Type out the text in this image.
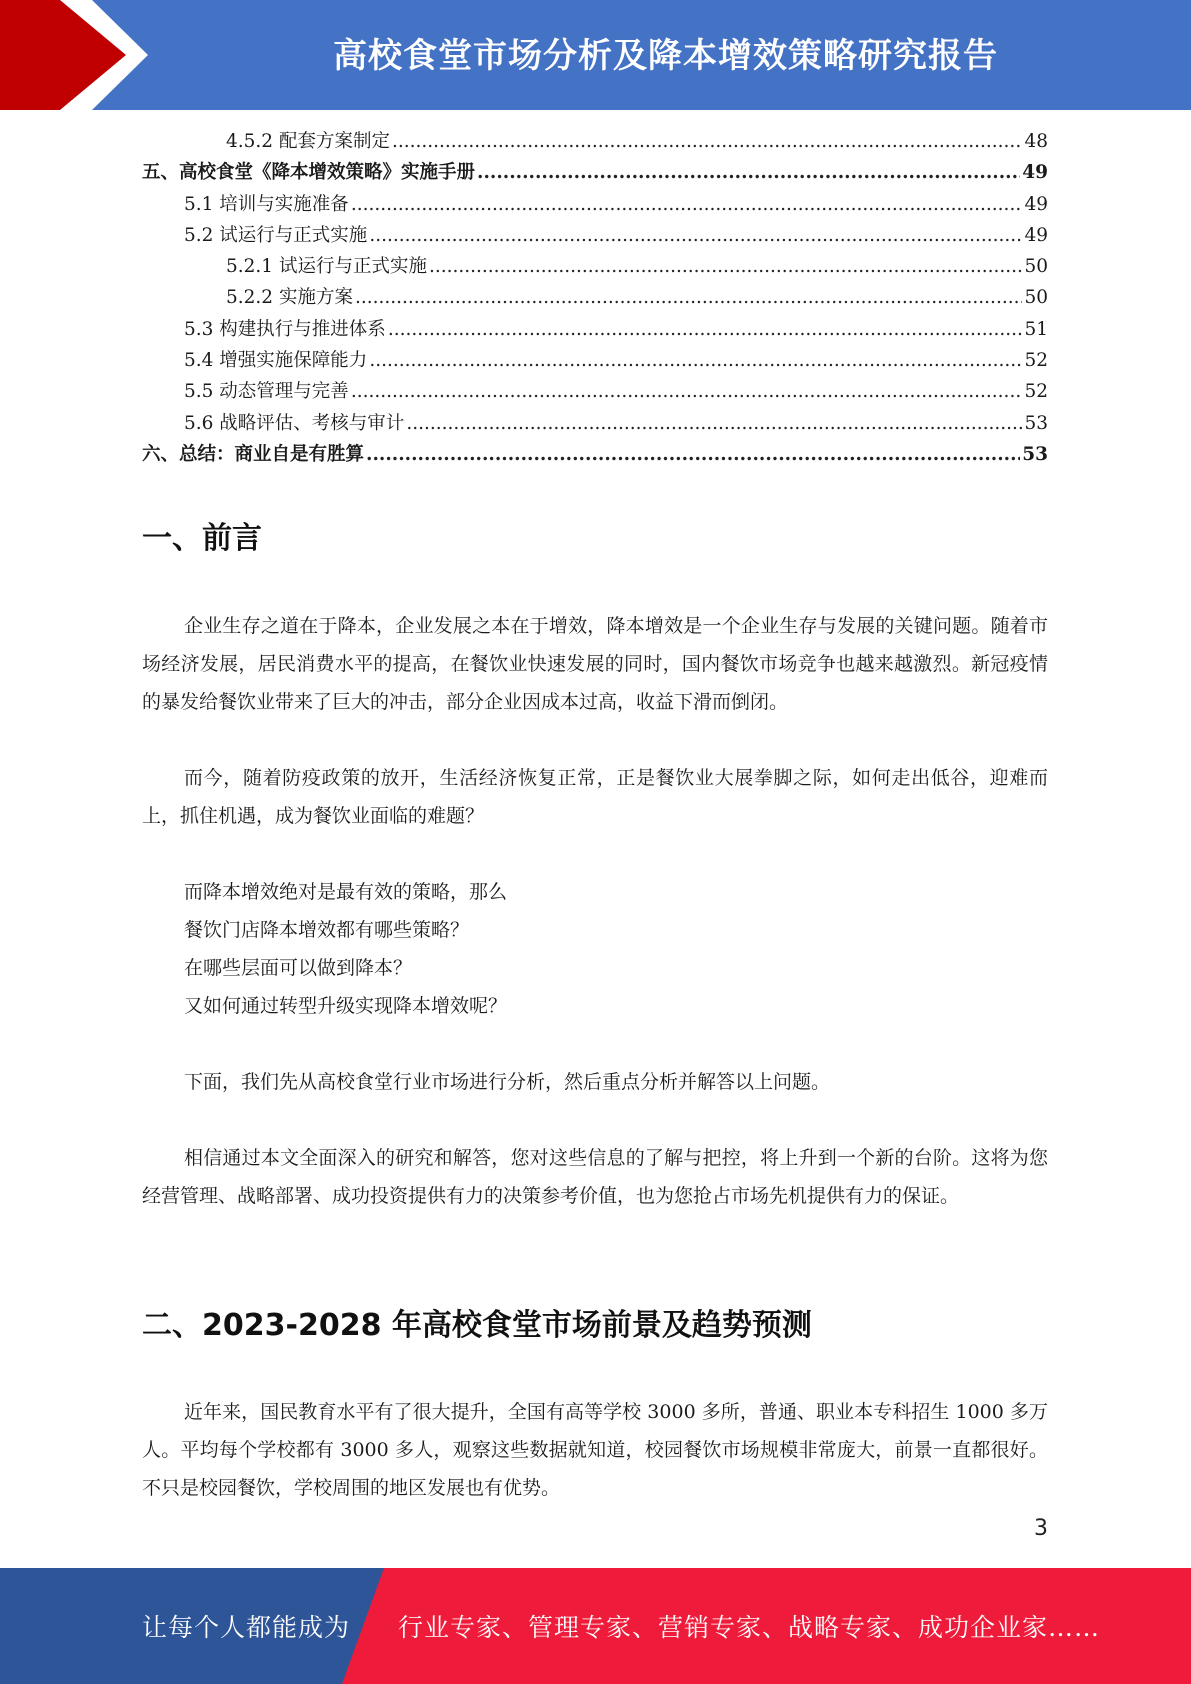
高校食堂市场分析及降本增效策略研究报告
4.5.2 配套方案制定 .....	48
五、高校食堂《降本增效策略》实施手册 .....	49
5.1 培训与实施准备 .....	49
5.2 试运行与正式实施 .....	49
5.2.1 试运行与正式实施 .....	50
5.2.2 实施方案 .....	50
5.3 构建执行与推进体系 .....	51
5.4 增强实施保障能力 .....	52
5.5 动态管理与完善 .....	52
5.6 战略评估、考核与审计 .....	53
六、总结：商业自是有胜算 .....	53
一、前言
企业生存之道在于降本，企业发展之本在于增效，降本增效是一个企业生存与发展的关键问题。随着市场经济发展，居民消费水平的提高，在餐饮业快速发展的同时，国内餐饮市场竞争也越来越激烈。新冠疫情的暴发给餐饮业带来了巨大的冲击，部分企业因成本过高，收益下滑而倒闭。
而今，随着防疫政策的放开，生活经济恢复正常，正是餐饮业大展拳脚之际，如何走出低谷，迎难而上，抓住机遇，成为餐饮业面临的难题？
而降本增效绝对是最有效的策略，那么
餐饮门店降本增效都有哪些策略？
在哪些层面可以做到降本？
又如何通过转型升级实现降本增效呢？
下面，我们先从高校食堂行业市场进行分析，然后重点分析并解答以上问题。
相信通过本文全面深入的研究和解答，您对这些信息的了解与把控，将上升到一个新的台阶。这将为您经营管理、战略部署、成功投资提供有力的决策参考价值，也为您抢占市场先机提供有力的保证。
二、2023-2028 年高校食堂市场前景及趋势预测
近年来，国民教育水平有了很大提升，全国有高等学校 3000 多所，普通、职业本专科招生 1000 多万人。平均每个学校都有 3000 多人，观察这些数据就知道，校园餐饮市场规模非常庞大，前景一直都很好。不只是校园餐饮，学校周围的地区发展也有优势。
3
让每个人都能成为 行业专家、管理专家、营销专家、战略专家、成功企业家……
